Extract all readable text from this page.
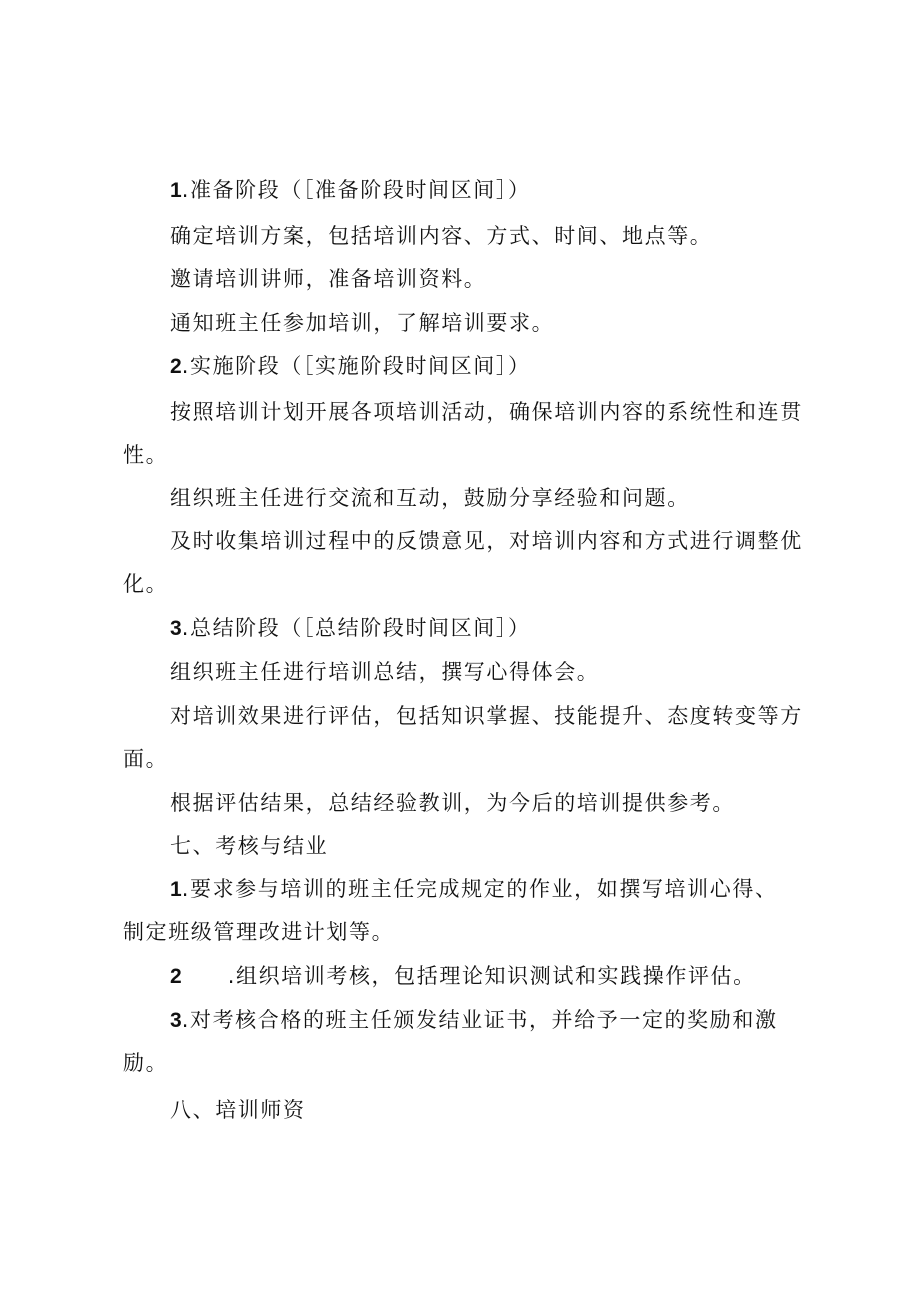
1.准备阶段（［准备阶段时间区间］）
确定培训方案，包括培训内容、方式、时间、地点等。
邀请培训讲师，准备培训资料。
通知班主任参加培训，了解培训要求。
2.实施阶段（［实施阶段时间区间］）
按照培训计划开展各项培训活动，确保培训内容的系统性和连贯
性。
组织班主任进行交流和互动，鼓励分享经验和问题。
及时收集培训过程中的反馈意见，对培训内容和方式进行调整优
化。
3.总结阶段（［总结阶段时间区间］）
组织班主任进行培训总结，撰写心得体会。
对培训效果进行评估，包括知识掌握、技能提升、态度转变等方
面。
根据评估结果，总结经验教训，为今后的培训提供参考。
七、考核与结业
1.要求参与培训的班主任完成规定的作业，如撰写培训心得、
制定班级管理改进计划等。
2 .组织培训考核，包括理论知识测试和实践操作评估。
3.对考核合格的班主任颁发结业证书，并给予一定的奖励和激
励。
八、培训师资
